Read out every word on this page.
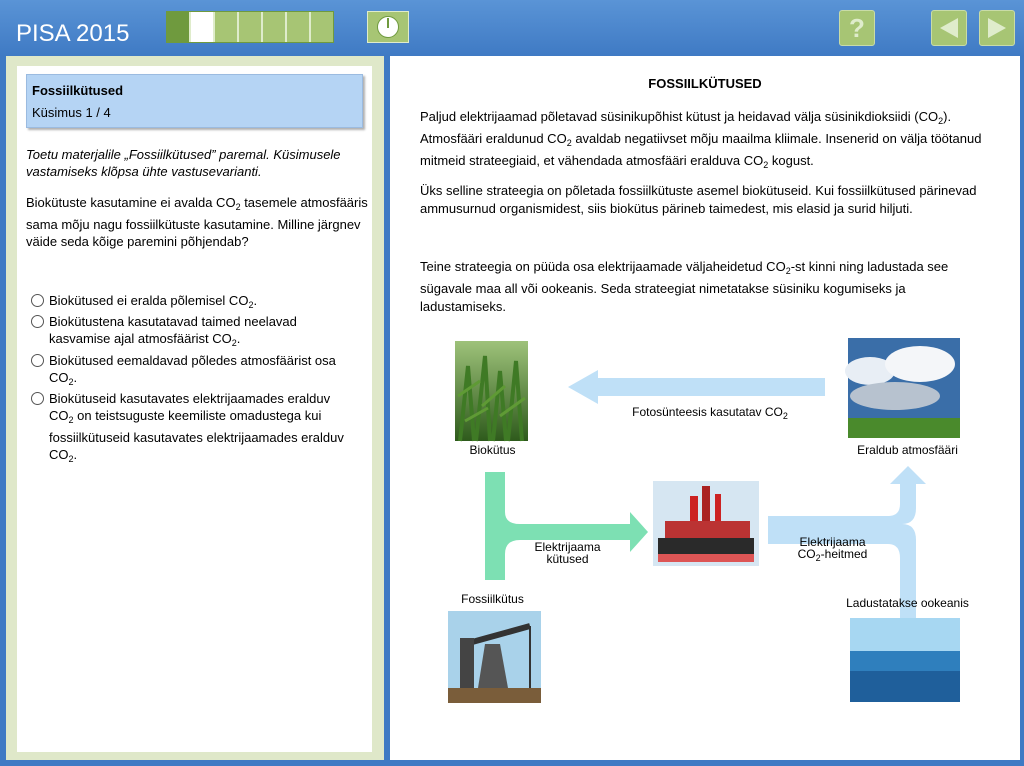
PISA 2015	?
Fossiilkütused
Küsimus 1 / 4
Toetu materjalile „Fossiilkütused” paremal. Küsimusele vastamiseks klõpsa ühte vastusevarianti.
Biokütuste kasutamine ei avalda $CO_2$ tasemele atmosfääris sama mõju nagu fossiilkütuste kasutamine. Milline järgnev väide seda kõige paremini põhjendab?
Biokütused ei eralda põlemisel $CO_2$.
Biokütustena kasutatavad taimed neelavad kasvamise ajal atmosfäärist $CO_2$.
Biokütused eemaldavad põledes atmosfäärist osa $CO_2$.
Biokütuseid kasutavates elektrijaamades eralduv $CO_2$ on teistsuguste keemiliste omadustega kui fossiilkütuseid kasutavates elektrijaamades eralduv $CO_2$.
FOSSIILKÜTUSED
Paljud elektrijaamad põletavad süsinikupõhist kütust ja heidavad välja süsinikdioksiidi $(CO_2)$. Atmosfääri eraldunud $CO_2$ avaldab negatiivset mõju maailma kliimale. Insenerid on välja töötanud mitmeid strateegiaid, et vähendada atmosfääri eralduva $CO_2$ kogust.
Üks selline strateegia on põletada fossiilkütuste asemel biokütuseid. Kui fossiilkütused pärinevad ammusurnud organismidest, siis biokütus pärineb taimedest, mis elasid ja surid hiljuti.
Teine strateegia on püüda osa elektrijaamade väljaheidetud $CO_2-st$ kinni ning ladustada see sügavale maa all või ookeanis. Seda strateegiat nimetatakse süsiniku kogumiseks ja ladustamiseks.
Biokütus
Fotosünteesis kasutatav $CO_2$
Eraldub atmosfääri
Elektrijaama
kütused
Elektrijaama
$CO_2$-heitmed
Fossiilkütus	Ladustatakse ookeanis
